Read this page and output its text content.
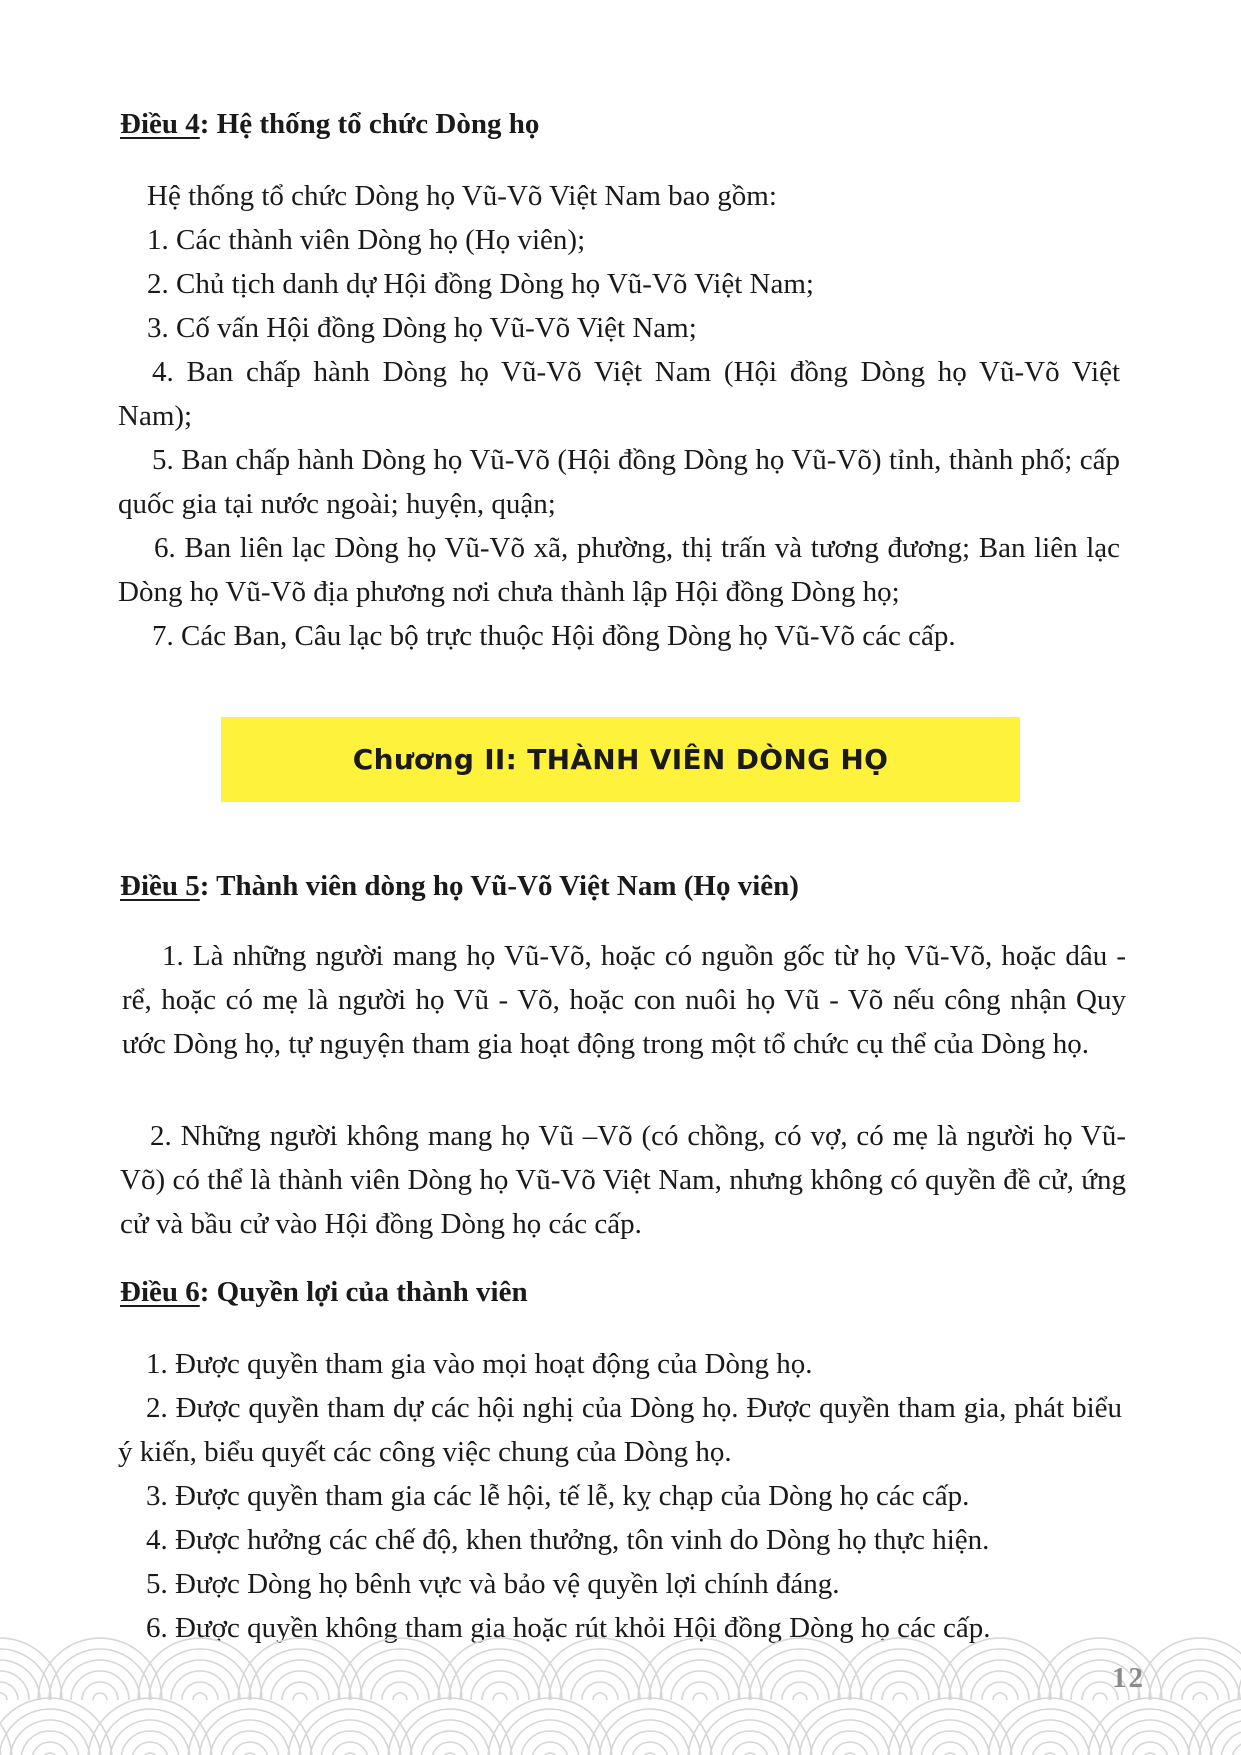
Điều 4: Hệ thống tổ chức Dòng họ

Hệ thống tổ chức Dòng họ Vũ-Võ Việt Nam bao gồm:

1. Các thành viên Dòng họ (Họ viên);

2. Chủ tịch danh dự Hội đồng Dòng họ Vũ-Võ Việt Nam;

3. Cố vấn Hội đồng Dòng họ Vũ-Võ Việt Nam;

4. Ban chấp hành Dòng họ Vũ-Võ Việt Nam (Hội đồng Dòng họ Vũ-Võ Việt Nam);

5. Ban chấp hành Dòng họ Vũ-Võ (Hội đồng Dòng họ Vũ-Võ) tỉnh, thành phố; cấp quốc gia tại nước ngoài; huyện, quận;

6. Ban liên lạc Dòng họ Vũ-Võ xã, phường, thị trấn và tương đương; Ban liên lạc Dòng họ Vũ-Võ địa phương nơi chưa thành lập Hội đồng Dòng họ;

7. Các Ban, Câu lạc bộ trực thuộc Hội đồng Dòng họ Vũ-Võ các cấp.

Chương II: THÀNH VIÊN DÒNG HỌ
Điều 5: Thành viên dòng họ Vũ-Võ Việt Nam (Họ viên)

1. Là những người mang họ Vũ-Võ, hoặc có nguồn gốc từ họ Vũ-Võ, hoặc dâu - rể, hoặc có mẹ là người họ Vũ - Võ, hoặc con nuôi họ Vũ - Võ nếu công nhận Quy ước Dòng họ, tự nguyện tham gia hoạt động trong một tổ chức cụ thể của Dòng họ.

2. Những người không mang họ Vũ –Võ (có chồng, có vợ, có mẹ là người họ Vũ-Võ) có thể là thành viên Dòng họ Vũ-Võ Việt Nam, nhưng không có quyền đề cử, ứng cử và bầu cử vào Hội đồng Dòng họ các cấp.

Điều 6: Quyền lợi của thành viên

1. Được quyền tham gia vào mọi hoạt động của Dòng họ.

2. Được quyền tham dự các hội nghị của Dòng họ. Được quyền tham gia, phát biểu ý kiến, biểu quyết các công việc chung của Dòng họ.

3. Được quyền tham gia các lễ hội, tế lễ, kỵ chạp của Dòng họ các cấp.

4. Được hưởng các chế độ, khen thưởng, tôn vinh do Dòng họ thực hiện.

5. Được Dòng họ bênh vực và bảo vệ quyền lợi chính đáng.

6. Được quyền không tham gia hoặc rút khỏi Hội đồng Dòng họ các cấp.

12
